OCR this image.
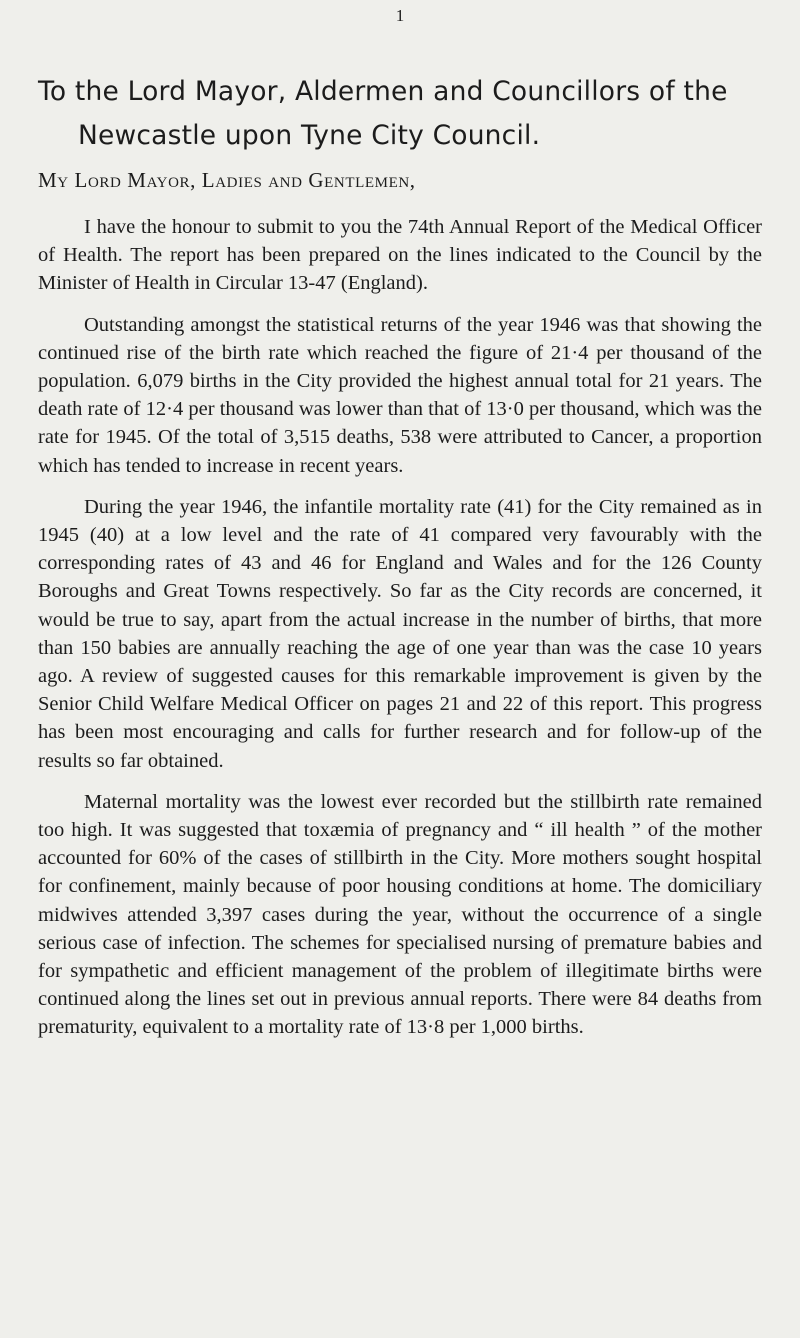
1
To the Lord Mayor, Aldermen and Councillors of the
Newcastle upon Tyne City Council.
My Lord Mayor, Ladies and Gentlemen,

I have the honour to submit to you the 74th Annual Report of the Medical Officer of Health. The report has been prepared on the lines indicated to the Council by the Minister of Health in Circular 13-47 (England).

Outstanding amongst the statistical returns of the year 1946 was that showing the continued rise of the birth rate which reached the figure of 21·4 per thousand of the population. 6,079 births in the City provided the highest annual total for 21 years. The death rate of 12·4 per thousand was lower than that of 13·0 per thousand, which was the rate for 1945. Of the total of 3,515 deaths, 538 were attributed to Cancer, a proportion which has tended to increase in recent years.

During the year 1946, the infantile mortality rate (41) for the City remained as in 1945 (40) at a low level and the rate of 41 compared very favourably with the corresponding rates of 43 and 46 for England and Wales and for the 126 County Boroughs and Great Towns respectively. So far as the City records are concerned, it would be true to say, apart from the actual increase in the number of births, that more than 150 babies are annually reaching the age of one year than was the case 10 years ago. A review of suggested causes for this remarkable improvement is given by the Senior Child Welfare Medical Officer on pages 21 and 22 of this report. This progress has been most encouraging and calls for further research and for follow-up of the results so far obtained.

Maternal mortality was the lowest ever recorded but the stillbirth rate remained too high. It was suggested that toxæmia of pregnancy and “ ill health ” of the mother accounted for 60% of the cases of stillbirth in the City. More mothers sought hospital for confinement, mainly because of poor housing conditions at home. The domiciliary midwives attended 3,397 cases during the year, without the occurrence of a single serious case of infection. The schemes for specialised nursing of premature babies and for sympathetic and efficient management of the problem of illegitimate births were continued along the lines set out in previous annual reports. There were 84 deaths from prematurity, equivalent to a mortality rate of 13·8 per 1,000 births.
